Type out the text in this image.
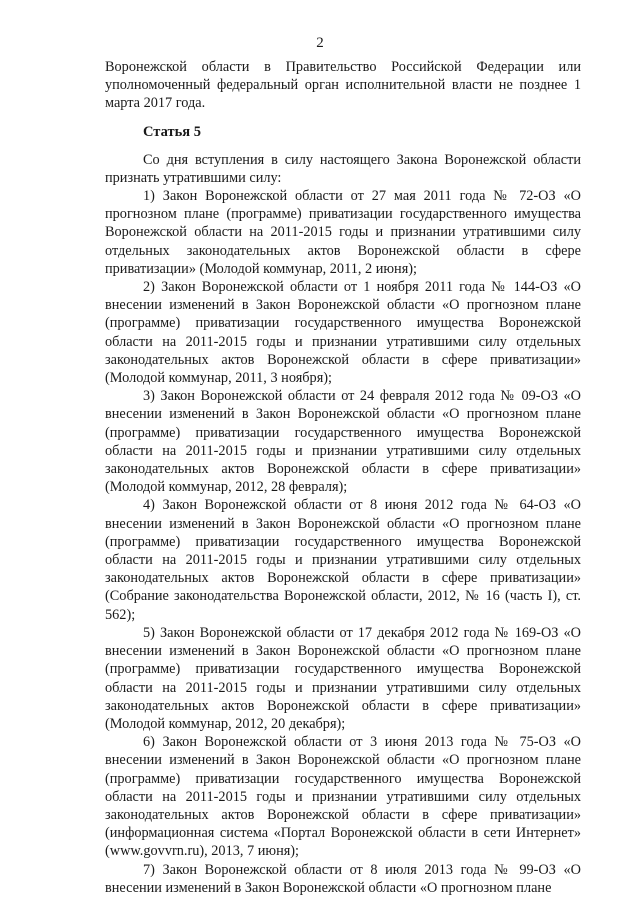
2

Воронежской области в Правительство Российской Федерации или уполномоченный федеральный орган исполнительной власти не позднее 1 марта 2017 года.

Статья 5

Со дня вступления в силу настоящего Закона Воронежской области признать утратившими силу:

1) Закон Воронежской области от 27 мая 2011 года № 72-ОЗ «О прогнозном плане (программе) приватизации государственного имущества Воронежской области на 2011-2015 годы и признании утратившими силу отдельных законодательных актов Воронежской области в сфере приватизации» (Молодой коммунар, 2011, 2 июня);

2) Закон Воронежской области от 1 ноября 2011 года № 144-ОЗ «О внесении изменений в Закон Воронежской области «О прогнозном плане (программе) приватизации государственного имущества Воронежской области на 2011-2015 годы и признании утратившими силу отдельных законодательных актов Воронежской области в сфере приватизации» (Молодой коммунар, 2011, 3 ноября);

3) Закон Воронежской области от 24 февраля 2012 года № 09-ОЗ «О внесении изменений в Закон Воронежской области «О прогнозном плане (программе) приватизации государственного имущества Воронежской области на 2011-2015 годы и признании утратившими силу отдельных законодательных актов Воронежской области в сфере приватизации» (Молодой коммунар, 2012, 28 февраля);

4) Закон Воронежской области от 8 июня 2012 года № 64-ОЗ «О внесении изменений в Закон Воронежской области «О прогнозном плане (программе) приватизации государственного имущества Воронежской области на 2011-2015 годы и признании утратившими силу отдельных законодательных актов Воронежской области в сфере приватизации» (Собрание законодательства Воронежской области, 2012, № 16 (часть I), ст. 562);

5) Закон Воронежской области от 17 декабря 2012 года № 169-ОЗ «О внесении изменений в Закон Воронежской области «О прогнозном плане (программе) приватизации государственного имущества Воронежской области на 2011-2015 годы и признании утратившими силу отдельных законодательных актов Воронежской области в сфере приватизации» (Молодой коммунар, 2012, 20 декабря);

6) Закон Воронежской области от 3 июня 2013 года № 75-ОЗ «О внесении изменений в Закон Воронежской области «О прогнозном плане (программе) приватизации государственного имущества Воронежской области на 2011-2015 годы и признании утратившими силу отдельных законодательных актов Воронежской области в сфере приватизации» (информационная система «Портал Воронежской области в сети Интернет» (www.govvrn.ru), 2013, 7 июня);

7) Закон Воронежской области от 8 июля 2013 года № 99-ОЗ «О внесении изменений в Закон Воронежской области «О прогнозном плане
